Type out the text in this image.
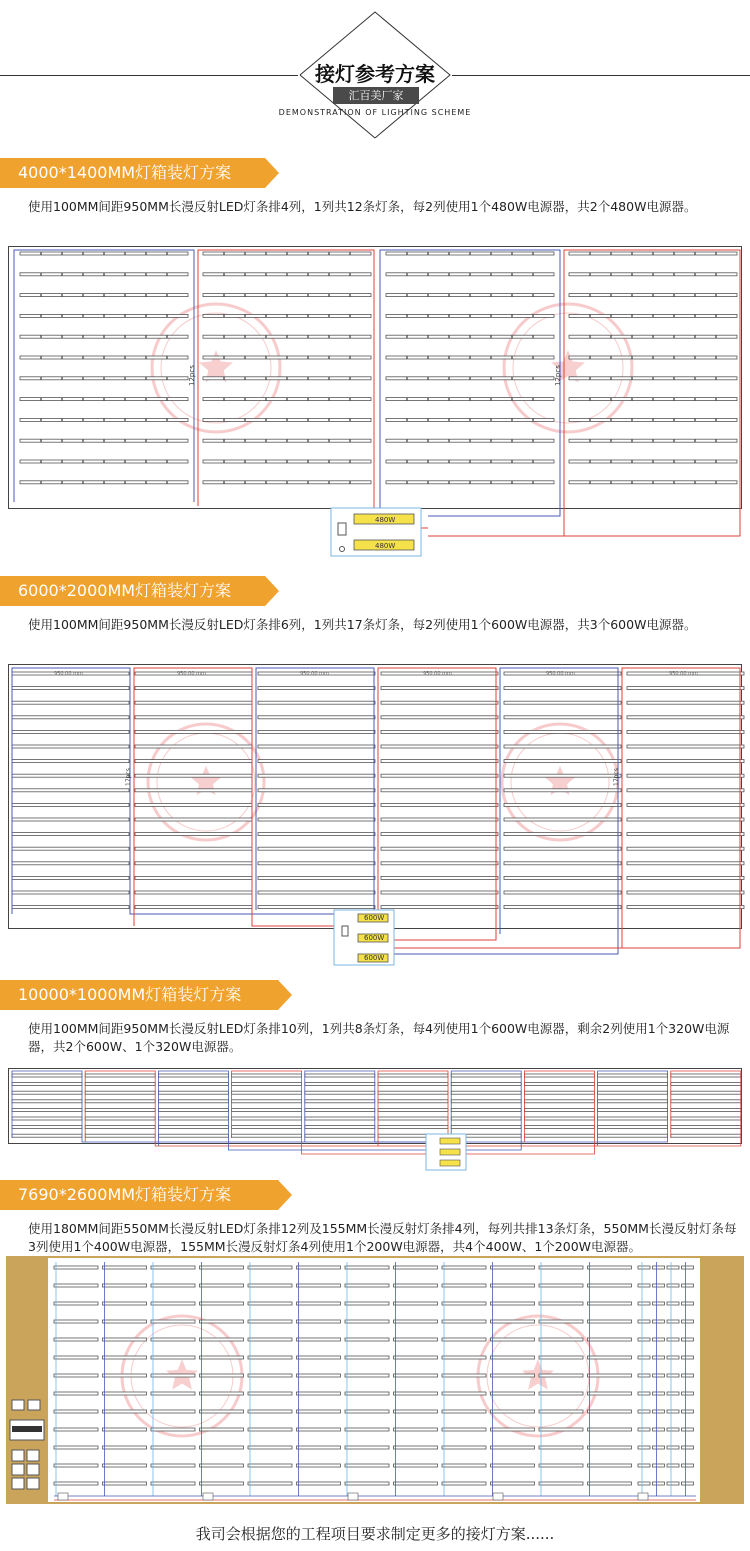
接灯参考方案
汇百美厂家
DEMONSTRATION OF LIGHTING SCHEME
4000*1400MM灯箱装灯方案
使用100MM间距950MM长漫反射LED灯条排4列，1列共12条灯条，每2列使用1个480W电源器，共2个480W电源器。
12pcs	12pcs
480W
480W
6000*2000MM灯箱装灯方案
使用100MM间距950MM长漫反射LED灯条排6列，1列共17条灯条，每2列使用1个600W电源器，共3个600W电源器。
950.00 mm	950.00 mm	950.00 mm	950.00 mm	950.00 mm	950.00 mm
17pcs	17pcs
600W
600W
600W
10000*1000MM灯箱装灯方案
使用100MM间距950MM长漫反射LED灯条排10列，1列共8条灯条，每4列使用1个600W电源器，剩余2列使用1个320W电源器，共2个600W、1个320W电源器。
7690*2600MM灯箱装灯方案
使用180MM间距550MM长漫反射LED灯条排12列及155MM长漫反射灯条排4列，每列共排13条灯条，550MM长漫反射灯条每3列使用1个400W电源器，155MM长漫反射灯条4列使用1个200W电源器，共4个400W、1个200W电源器。
我司会根据您的工程项目要求制定更多的接灯方案......
